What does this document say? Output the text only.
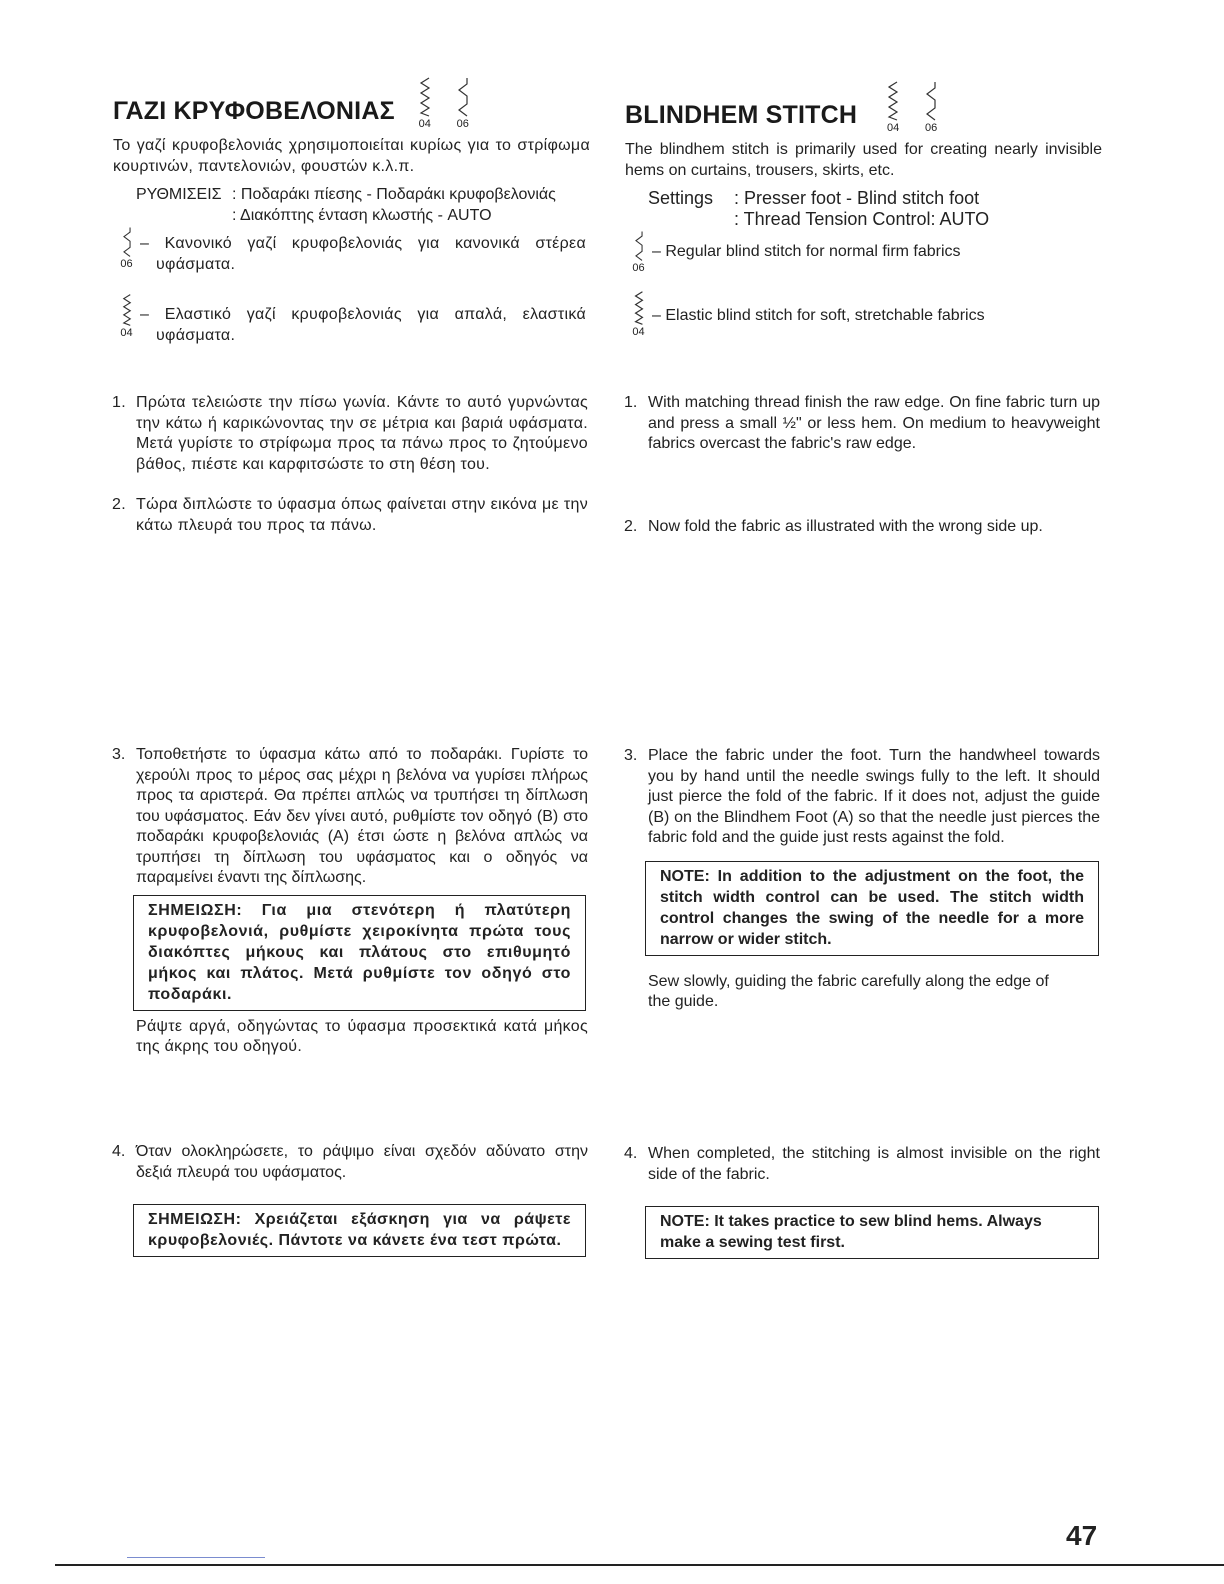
ΓΑΖΙ ΚΡΥΦΟΒΕΛΟΝΙΑΣ 04 06
Το γαζί κρυφοβελονιάς χρησιμοποιείται κυρίως για το στρίφωμα κουρτινών, παντελονιών, φουστών κ.λ.π.
ΡΥΘΜΙΣΕΙΣ : Ποδαράκι πίεσης - Ποδαράκι κρυφοβελονιάς
: Διακόπτης ένταση κλωστής - AUTO
06
– Κανονικό γαζί κρυφοβελονιάς για κανονικά στέρεα υφάσματα.
04
– Ελαστικό γαζί κρυφοβελονιάς για απαλά, ελαστικά υφάσματα.
1. Πρώτα τελειώστε την πίσω γωνία. Κάντε το αυτό γυρνώντας την κάτω ή καρικώνοντας την σε μέτρια και βαριά υφάσματα. Μετά γυρίστε το στρίφωμα προς τα πάνω προς το ζητούμενο βάθος, πιέστε και καρφιτσώστε το στη θέση του.
2. Τώρα διπλώστε το ύφασμα όπως φαίνεται στην εικόνα με την κάτω πλευρά του προς τα πάνω.
3. Τοποθετήστε το ύφασμα κάτω από το ποδαράκι. Γυρίστε το χερούλι προς το μέρος σας μέχρι η βελόνα να γυρίσει πλήρως προς τα αριστερά. Θα πρέπει απλώς να τρυπήσει τη δίπλωση του υφάσματος. Εάν δεν γίνει αυτό, ρυθμίστε τον οδηγό (B) στο ποδαράκι κρυφοβελονιάς (A) έτσι ώστε η βελόνα απλώς να τρυπήσει τη δίπλωση του υφάσματος και ο οδηγός να παραμείνει έναντι της δίπλωσης.
ΣΗΜΕΙΩΣΗ: Για μια στενότερη ή πλατύτερη κρυφοβελονιά, ρυθμίστε χειροκίνητα πρώτα τους διακόπτες μήκους και πλάτους στο επιθυμητό μήκος και πλάτος. Μετά ρυθμίστε τον οδηγό στο ποδαράκι.
Ράψτε αργά, οδηγώντας το ύφασμα προσεκτικά κατά μήκος της άκρης του οδηγού.
4. Όταν ολοκληρώσετε, το ράψιμο είναι σχεδόν αδύνατο στην δεξιά πλευρά του υφάσματος.
ΣΗΜΕΙΩΣΗ: Χρειάζεται εξάσκηση για να ράψετε κρυφοβελονιές. Πάντοτε να κάνετε ένα τεστ πρώτα.
BLINDHEM STITCH	04 06
The blindhem stitch is primarily used for creating nearly invisible hems on curtains, trousers, skirts, etc.
Settings	: Presser foot - Blind stitch foot
: Thread Tension Control: AUTO
06
– Regular blind stitch for normal firm fabrics
04
– Elastic blind stitch for soft, stretchable fabrics
1. With matching thread finish the raw edge. On fine fabric turn up and press a small ½" or less hem. On medium to heavyweight fabrics overcast the fabric's raw edge.
2. Now fold the fabric as illustrated with the wrong side up.
3. Place the fabric under the foot. Turn the handwheel towards you by hand until the needle swings fully to the left. It should just pierce the fold of the fabric. If it does not, adjust the guide (B) on the Blindhem Foot (A) so that the needle just pierces the fabric fold and the guide just rests against the fold.
NOTE: In addition to the adjustment on the foot, the stitch width control can be used. The stitch width control changes the swing of the needle for a more narrow or wider stitch.
Sew slowly, guiding the fabric carefully along the edge of the guide.
4. When completed, the stitching is almost invisible on the right side of the fabric.
NOTE: It takes practice to sew blind hems. Always make a sewing test first.
47
